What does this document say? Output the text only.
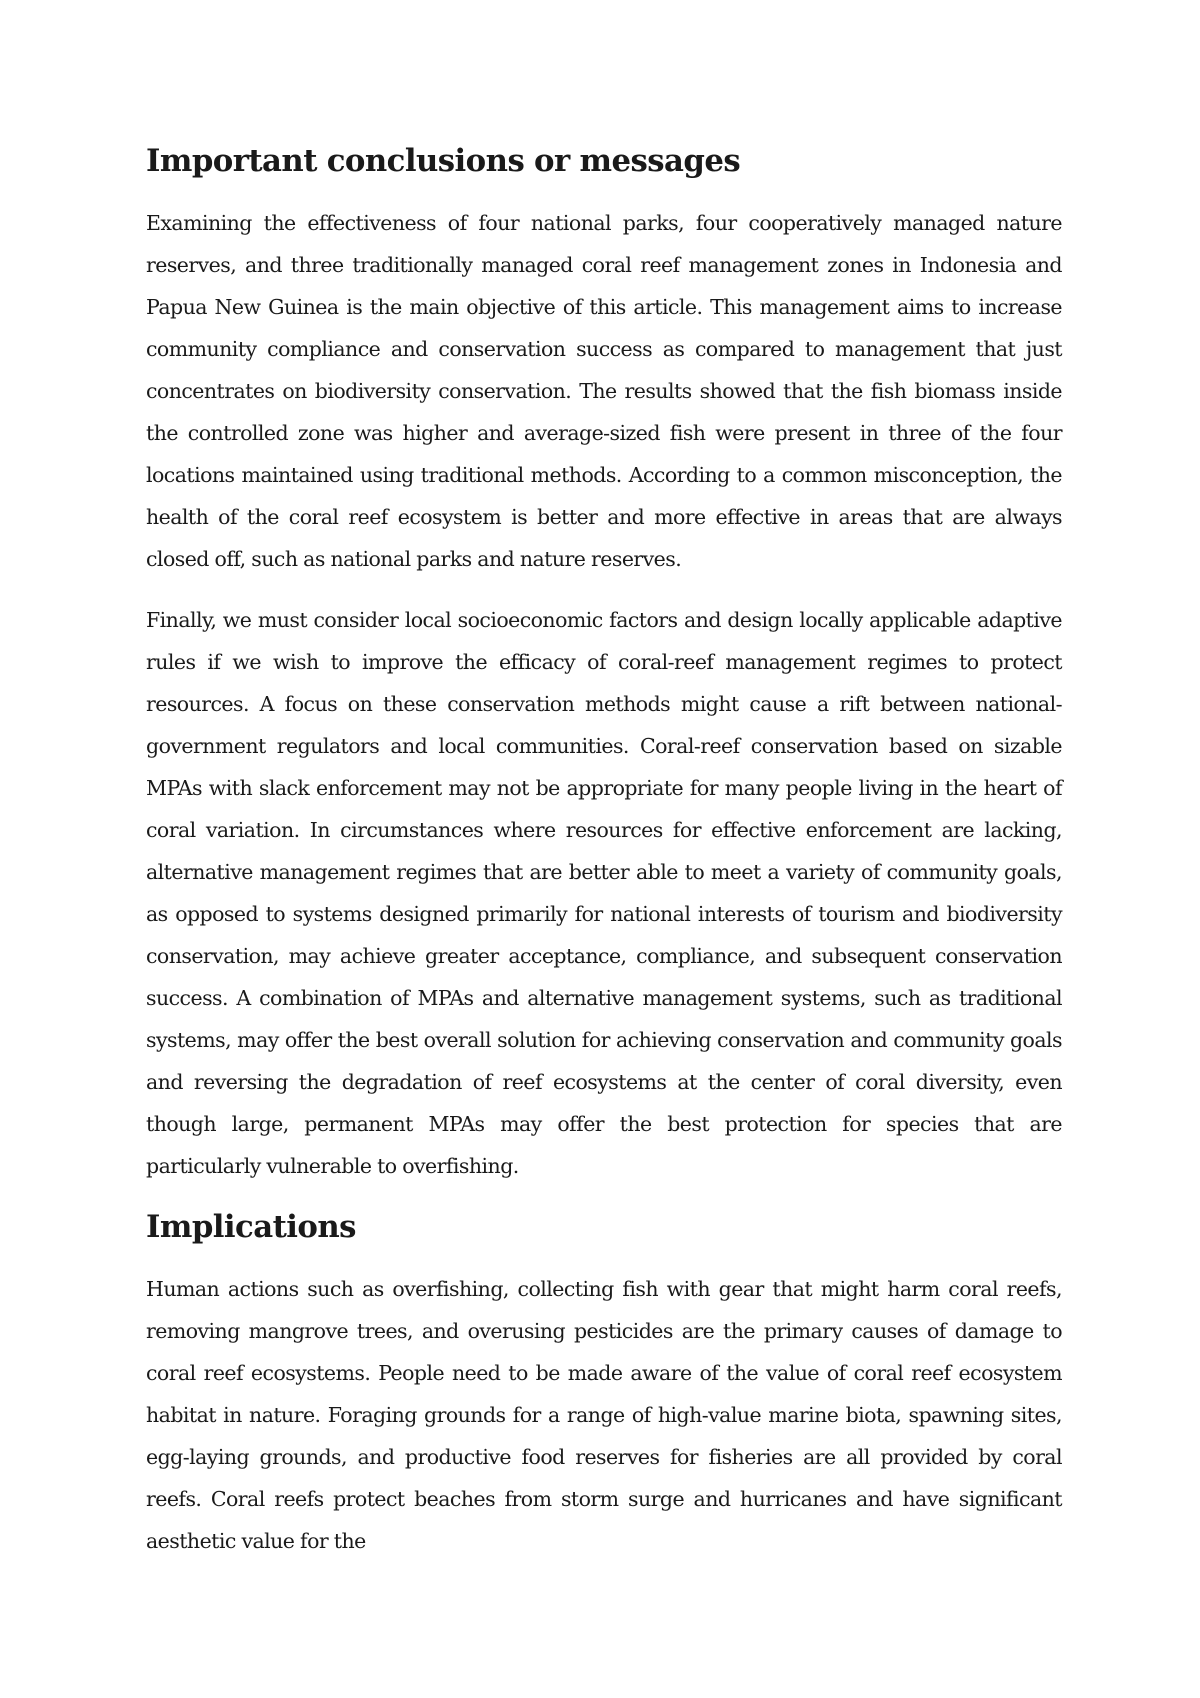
Important conclusions or messages

Examining the effectiveness of four national parks, four cooperatively managed nature reserves, and three traditionally managed coral reef management zones in Indonesia and Papua New Guinea is the main objective of this article. This management aims to increase community compliance and conservation success as compared to management that just concentrates on biodiversity conservation. The results showed that the fish biomass inside the controlled zone was higher and average-sized fish were present in three of the four locations maintained using traditional methods. According to a common misconception, the health of the coral reef ecosystem is better and more effective in areas that are always closed off, such as national parks and nature reserves.

Finally, we must consider local socioeconomic factors and design locally applicable adaptive rules if we wish to improve the efficacy of coral-reef management regimes to protect resources. A focus on these conservation methods might cause a rift between national-government regulators and local communities. Coral-reef conservation based on sizable MPAs with slack enforcement may not be appropriate for many people living in the heart of coral variation. In circumstances where resources for effective enforcement are lacking, alternative management regimes that are better able to meet a variety of community goals, as opposed to systems designed primarily for national interests of tourism and biodiversity conservation, may achieve greater acceptance, compliance, and subsequent conservation success. A combination of MPAs and alternative management systems, such as traditional systems, may offer the best overall solution for achieving conservation and community goals and reversing the degradation of reef ecosystems at the center of coral diversity, even though large, permanent MPAs may offer the best protection for species that are particularly vulnerable to overfishing.

Implications

Human actions such as overfishing, collecting fish with gear that might harm coral reefs, removing mangrove trees, and overusing pesticides are the primary causes of damage to coral reef ecosystems. People need to be made aware of the value of coral reef ecosystem habitat in nature. Foraging grounds for a range of high-value marine biota, spawning sites, egg-laying grounds, and productive food reserves for fisheries are all provided by coral reefs. Coral reefs protect beaches from storm surge and hurricanes and have significant aesthetic value for the
